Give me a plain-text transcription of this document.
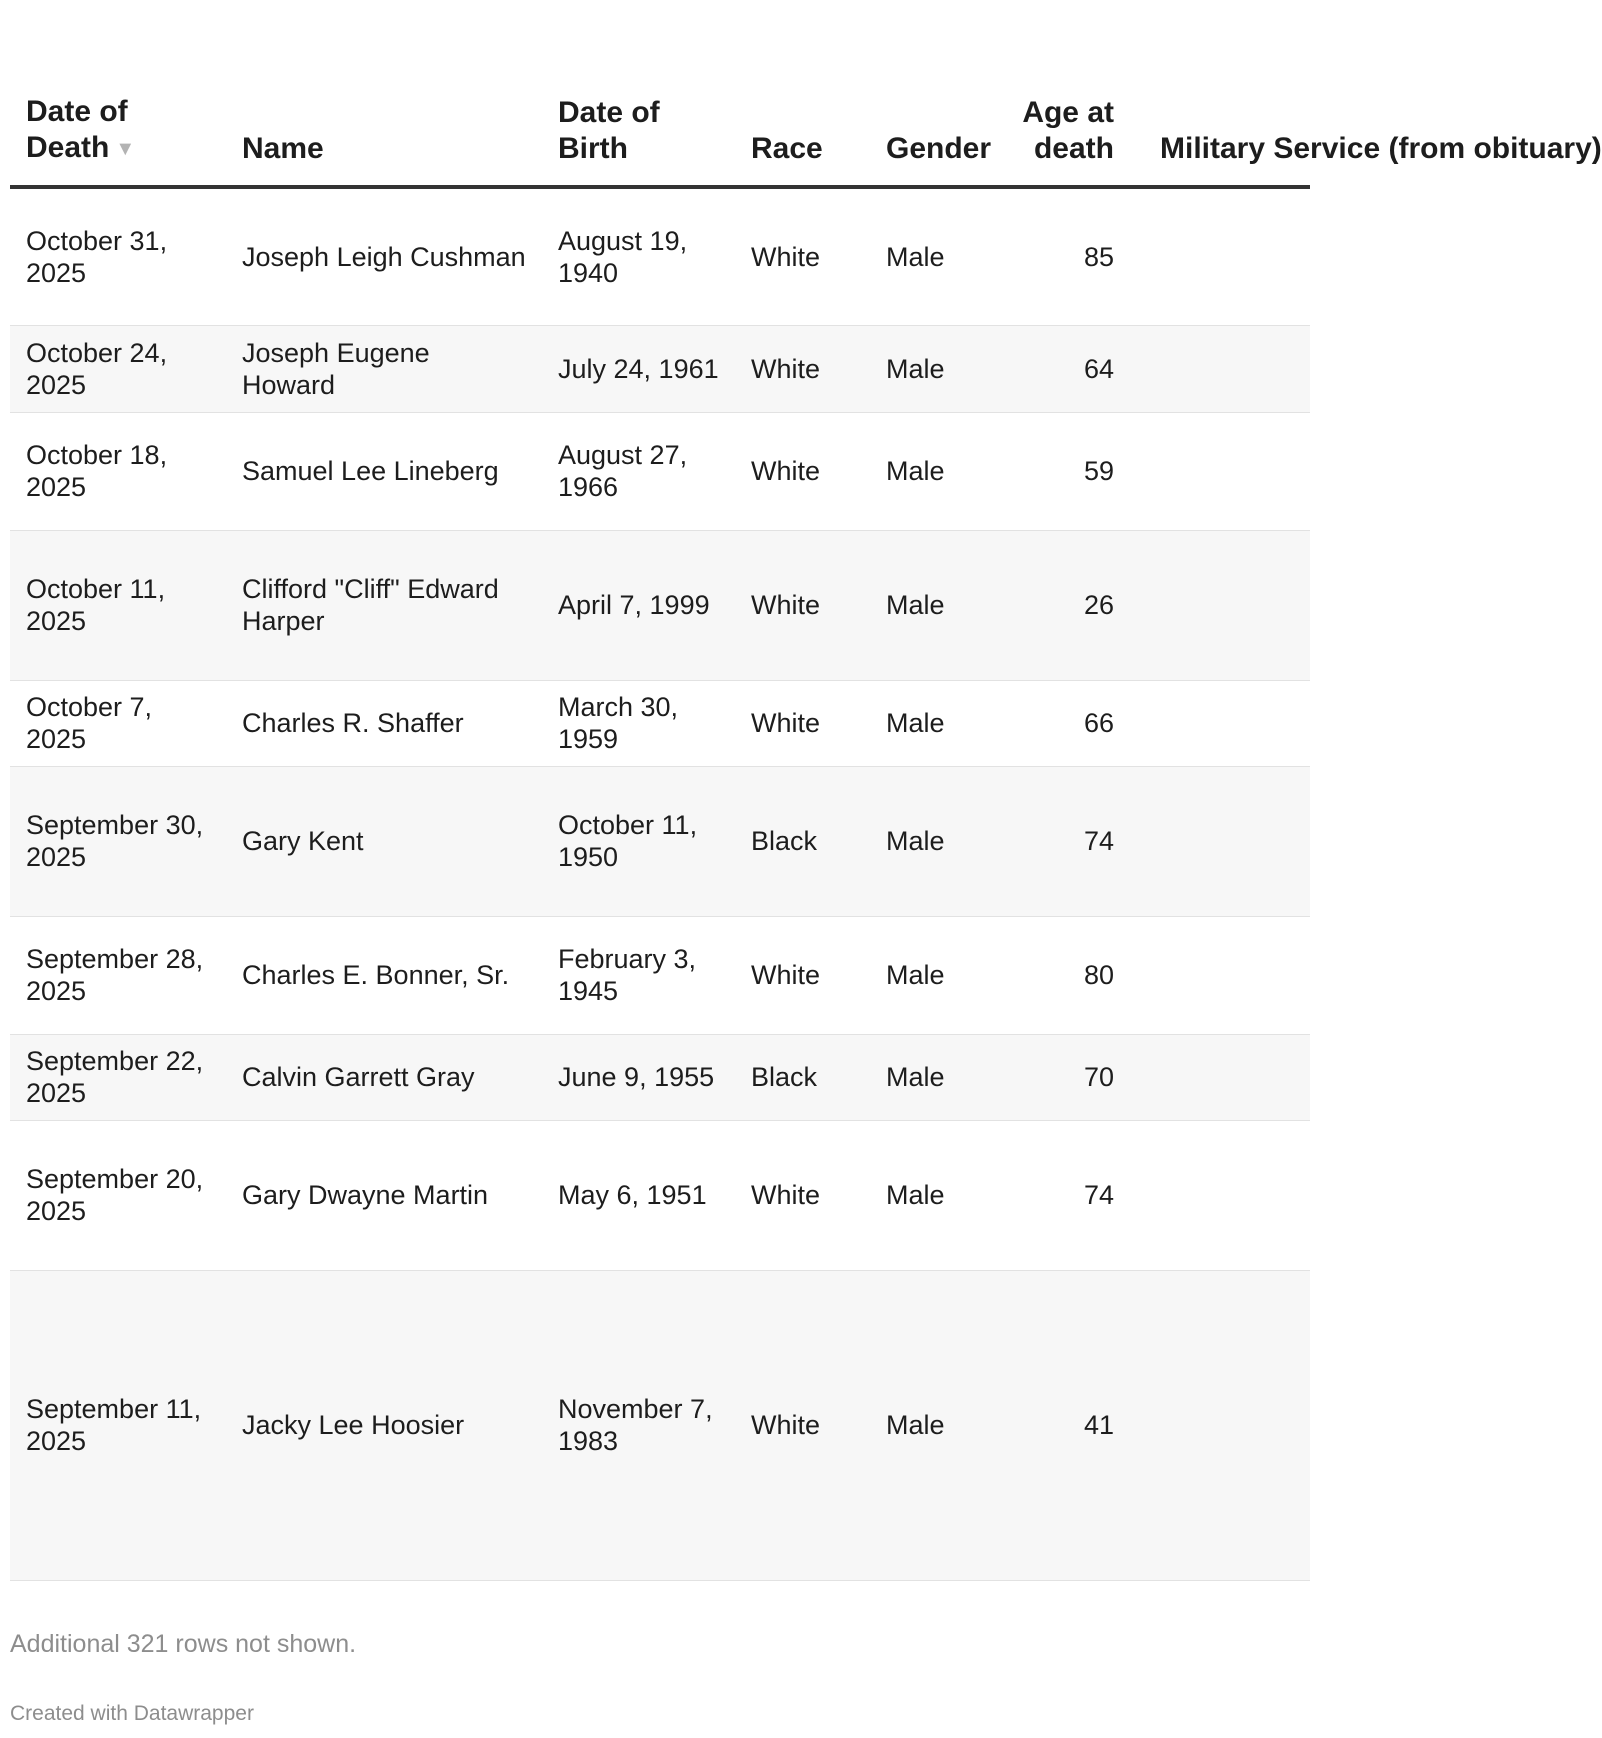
Date of Death ▼	Name	Date of Birth	Race	Gender	Age at death	Military Service (from obituary)
October 31, 2025	Joseph Leigh Cushman	August 19, 1940	White	Male	85	
October 24, 2025	Joseph Eugene Howard	July 24, 1961	White	Male	64	
October 18, 2025	Samuel Lee Lineberg	August 27, 1966	White	Male	59	
October 11, 2025	Clifford "Cliff" Edward Harper	April 7, 1999	White	Male	26	
October 7, 2025	Charles R. Shaffer	March 30, 1959	White	Male	66	
September 30, 2025	Gary Kent	October 11, 1950	Black	Male	74	
September 28, 2025	Charles E. Bonner, Sr.	February 3, 1945	White	Male	80	
September 22, 2025	Calvin Garrett Gray	June 9, 1955	Black	Male	70	
September 20, 2025	Gary Dwayne Martin	May 6, 1951	White	Male	74	
September 11, 2025	Jacky Lee Hoosier	November 7, 1983	White	Male	41	
Additional 321 rows not shown.
Created with Datawrapper
